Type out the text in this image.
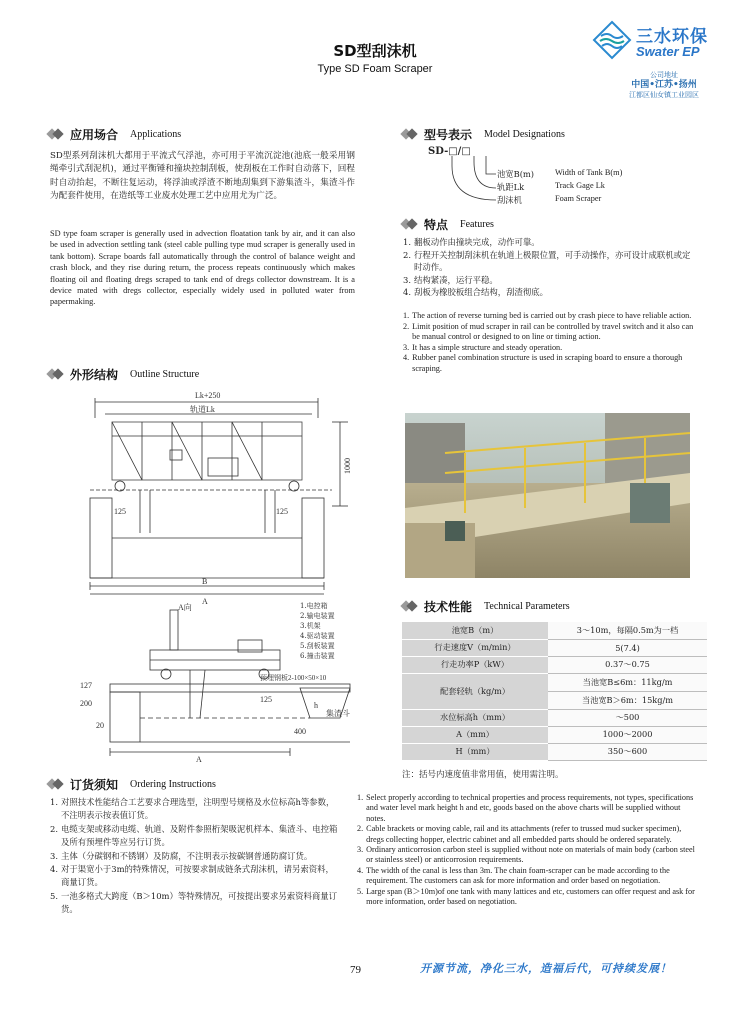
SD型刮沫机
Type SD Foam Scraper
三水环保
Swater EP
公司地址
中国•江苏•扬州
江都区仙女镇工业园区
应用场合 Applications
SD型系列刮沫机大都用于平流式气浮池，亦可用于平流沉淀池(池底一般采用钢绳牵引式刮泥机)，通过平衡锤和撞块控制刮板，使刮板在工作时自动落下，回程时自动抬起，不断往复运动，将浮油或浮渣不断地刮集到下游集渣斗，集渣斗作为配套件使用，在造纸等工业废水处理工艺中应用尤为广泛。
SD type foam scraper is generally used in advection floatation tank by air, and it can also be used in advection settling tank (steel cable pulling type mud scraper is generally used in tank bottom). Scrape boards fall automatically through the control of balance weight and crash block, and they rise during return, the process repeats continuously which makes floating oil and floating dregs scraped to tank end of dregs collector downstream. It is a device mated with dregs collector, especially widely used in polluted water from papermaking.
外形结构 Outline Structure
Lk+250
轨道Lk
1000
125	125
B
A
A向
127
200
20
125
400
h
A
预埋钢板2-100×50×10
集渣斗
1.电控箱
2.输电装置
3.机架
4.驱动装置
5.刮板装置
6.撞击装置
型号表示 Model Designations
SD-□/□
池宽B(m)	Width of Tank B(m)
轨距Lk	Track Gage Lk
刮沫机	Foam Scraper
特点 Features
1. 翻板动作由撞块完成，动作可靠。
2. 行程开关控制刮沫机在轨道上极限位置，可手动操作，亦可设计成联机或定时动作。
3. 结构紧凑，运行平稳。
4. 刮板为橡胶板组合结构，刮渣彻底。
1. The action of reverse turning bed is carried out by crash piece to have reliable action.
2. Limit position of mud scraper in rail can be controlled by travel switch and it also can be manual control or designed to on line or timing action.
3. It has a simple structure and steady operation.
4. Rubber panel combination structure is used in scraping board to ensure a thorough scraping.
技术性能 Technical Parameters
池宽B（m）	3～10m，每隔0.5m为一档
行走速度V（m/min）	5(7.4)
行走功率P（kW）	0.37～0.75
配套轻轨（kg/m）	当池宽B≤6m：11kg/m
	当池宽B＞6m：15kg/m
水位标高h（mm）	～500
A（mm）	1000～2000
H（mm）	350～600
注：括号内速度值非常用值，使用需注明。
订货须知 Ordering Instructions
1. 对照技术性能结合工艺要求合理选型，注明型号规格及水位标高h等参数，不注明表示按表值订货。
2. 电缆支架或移动电缆、轨道、及附件参照桁架吸泥机样本、集渣斗、电控箱及所有预埋件等应另行订货。
3. 主体（分碳钢和不锈钢）及防腐，不注明表示按碳钢普通防腐订货。
4. 对于渠宽小于3m的特殊情况，可按要求制成链条式刮沫机，请另索资料，商量订货。
5. 一池多格式大跨度（B＞10m）等特殊情况，可按提出要求另索资料商量订货。
1. Select properly according to technical properties and process requirements, not types, specifications and water level mark height h and etc, goods based on the above charts will be supplied without notes.
2. Cable brackets or moving cable, rail and its attachments (refer to trussed mud sucker specimen), dregs collecting hopper, electric cabinet and all embedded parts should be ordered separately.
3. Ordinary anticorrosion carbon steel is supplied without note on materials of main body (carbon steel or stainless steel) or anticorrosion requirements.
4. The width of the canal is less than 3m. The chain foam-scraper can be made according to the requirement. The customers can ask for more information and order based on negotiation.
5. Large span (B＞10m)of one tank with many lattices and etc, customers can offer request and ask for more information, order based on negotiation.
79	开源节流，净化三水，造福后代，可持续发展！
